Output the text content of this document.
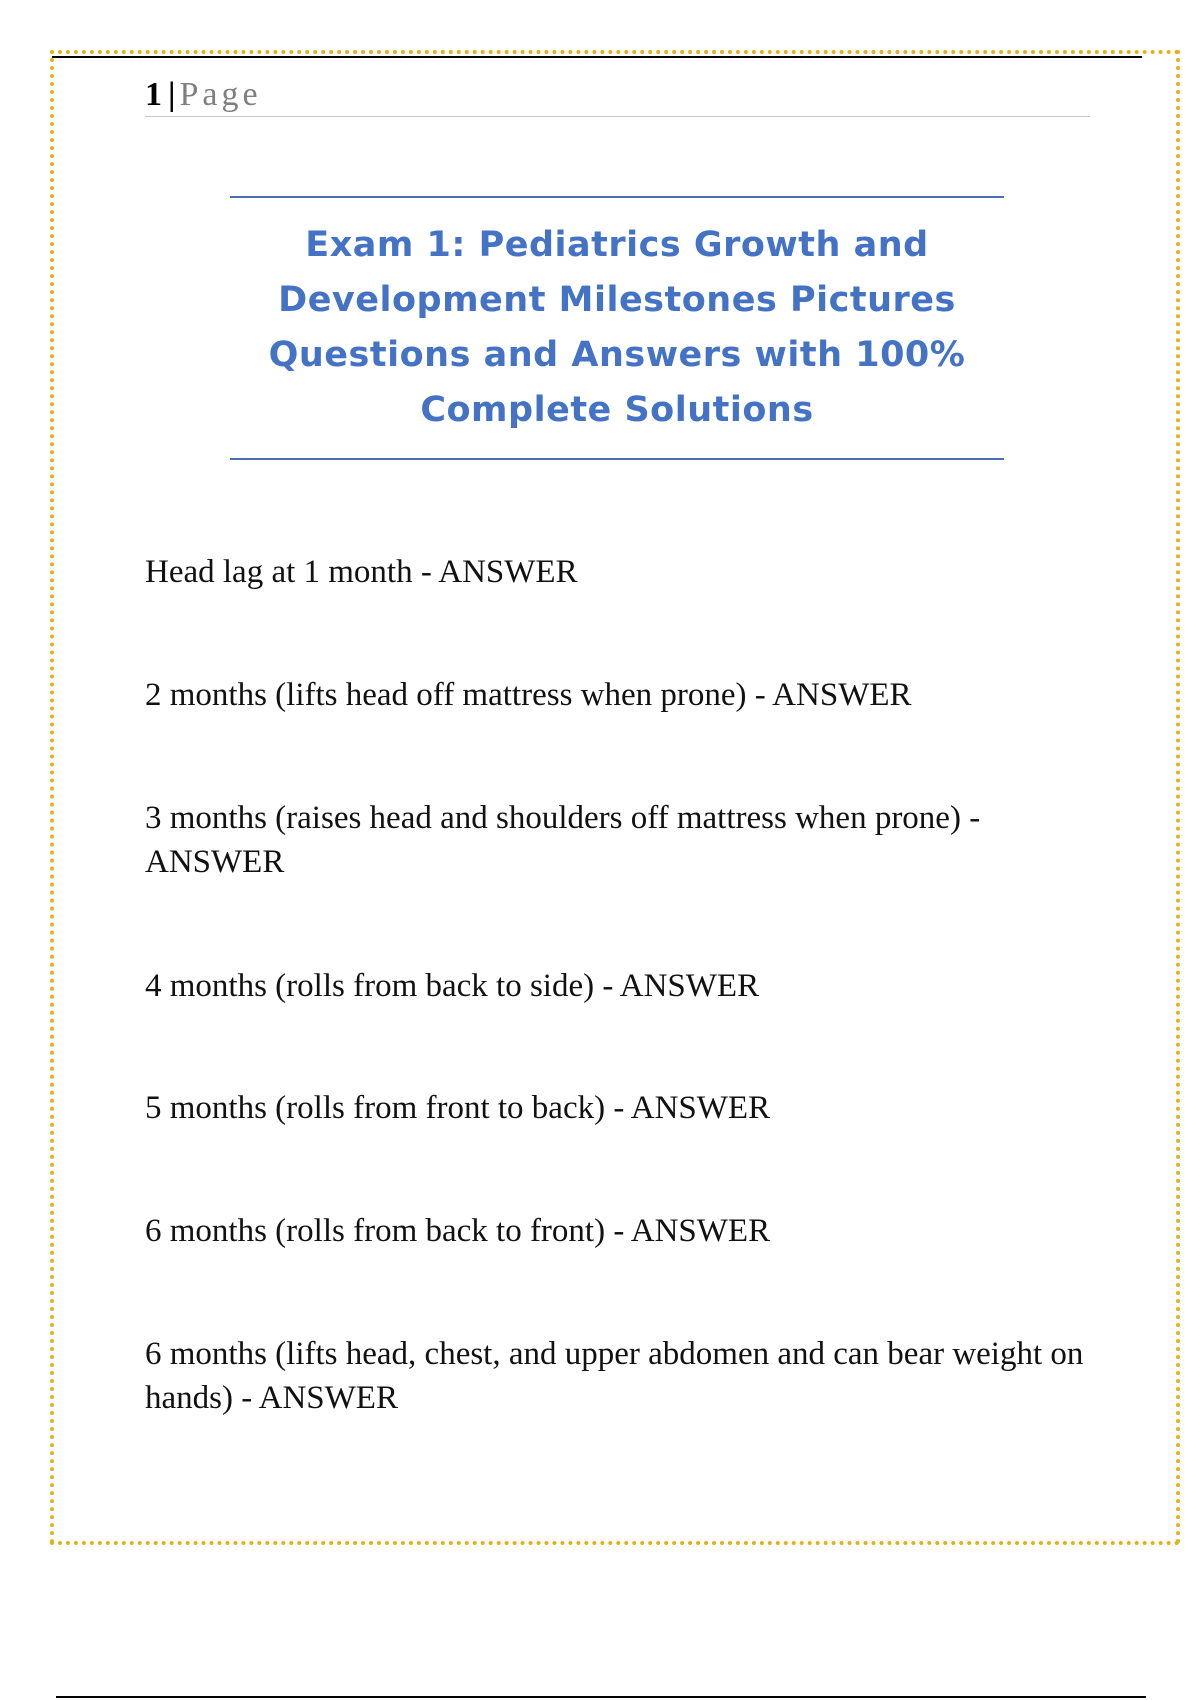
1 | Page
Exam 1: Pediatrics Growth and Development Milestones Pictures Questions and Answers with 100% Complete Solutions
Head lag at 1 month - ANSWER
2 months (lifts head off mattress when prone) - ANSWER
3 months (raises head and shoulders off mattress when prone) - ANSWER
4 months (rolls from back to side) - ANSWER
5 months (rolls from front to back) - ANSWER
6 months (rolls from back to front) - ANSWER
6 months (lifts head, chest, and upper abdomen and can bear weight on hands) - ANSWER
